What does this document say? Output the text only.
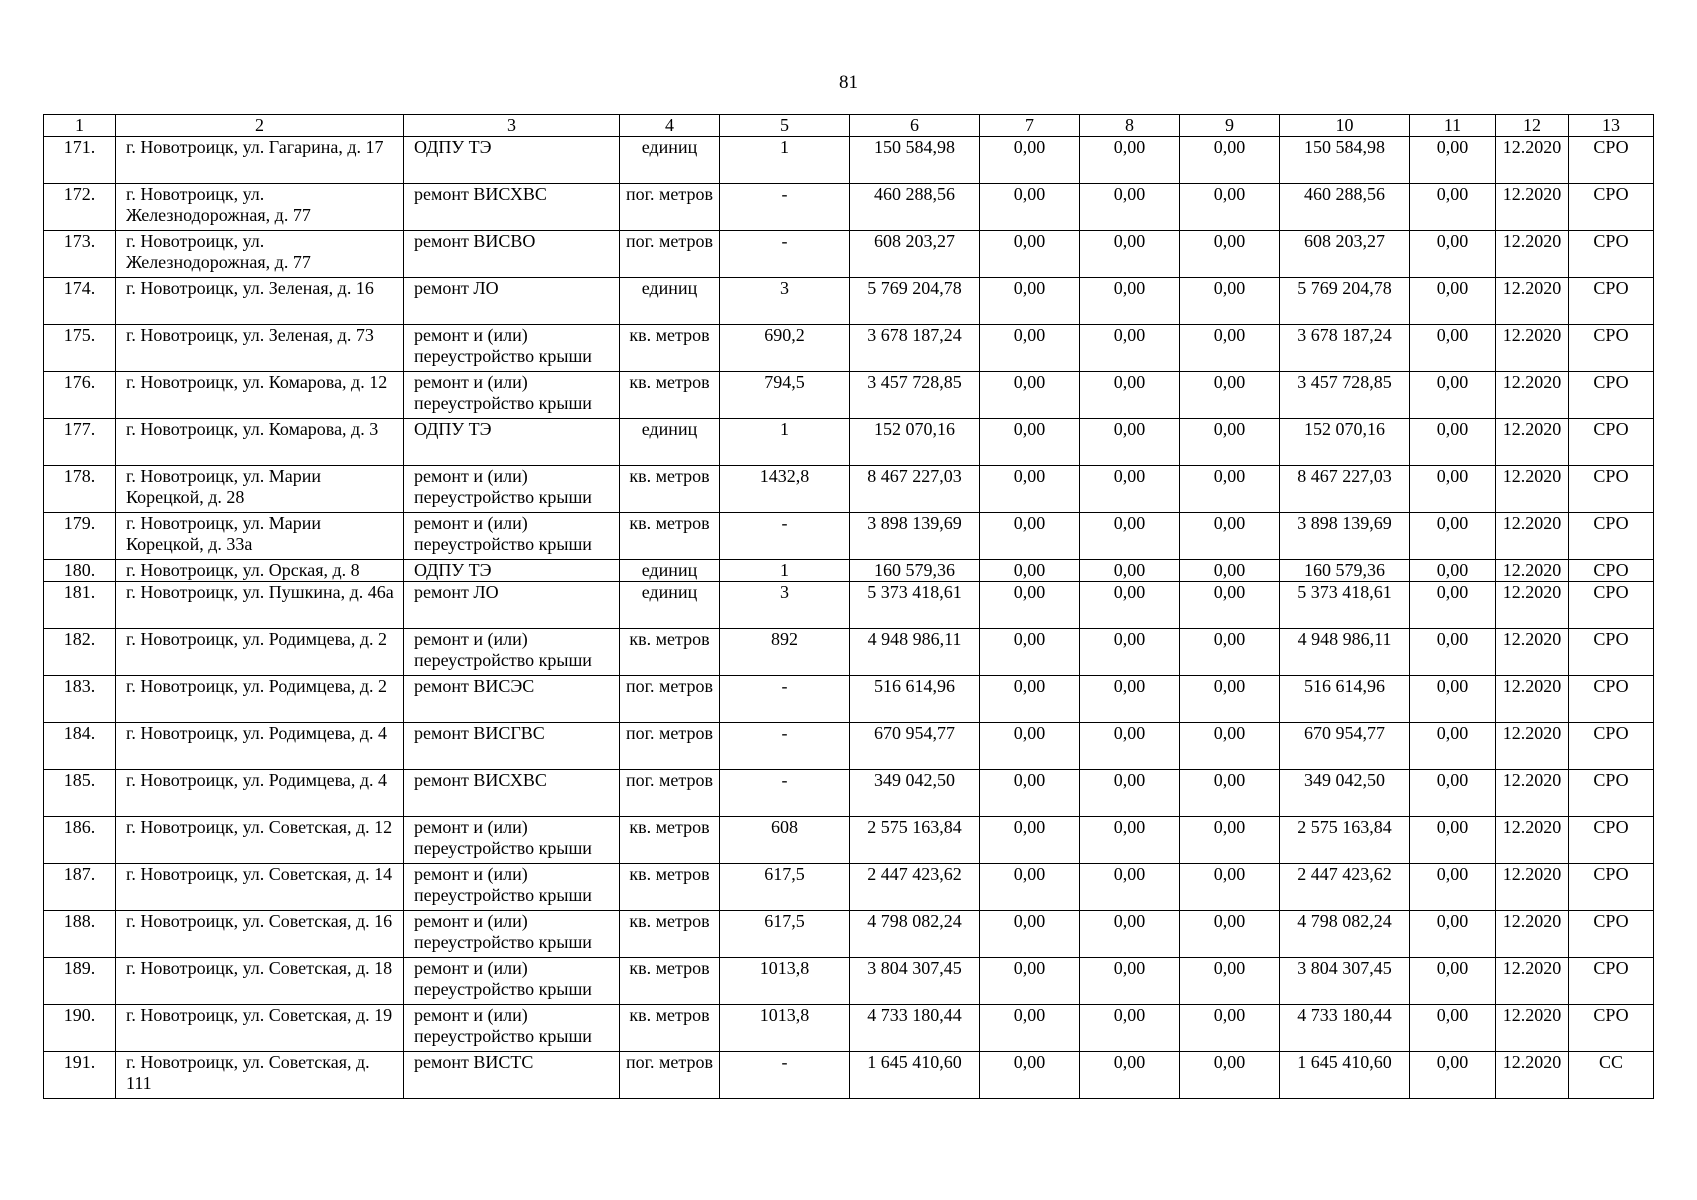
81
1	2	3	4	5	6	7	8	9	10	11	12	13
171.	г. Новотроицк, ул. Гагарина, д. 17	ОДПУ ТЭ	единиц	1	150 584,98	0,00	0,00	0,00	150 584,98	0,00	12.2020	СРО
172.	г. Новотроицк, ул. Железнодорожная, д. 77	ремонт ВИСХВС	пог. метров	-	460 288,56	0,00	0,00	0,00	460 288,56	0,00	12.2020	СРО
173.	г. Новотроицк, ул. Железнодорожная, д. 77	ремонт ВИСВО	пог. метров	-	608 203,27	0,00	0,00	0,00	608 203,27	0,00	12.2020	СРО
174.	г. Новотроицк, ул. Зеленая, д. 16	ремонт ЛО	единиц	3	5 769 204,78	0,00	0,00	0,00	5 769 204,78	0,00	12.2020	СРО
175.	г. Новотроицк, ул. Зеленая, д. 73	ремонт и (или) переустройство крыши	кв. метров	690,2	3 678 187,24	0,00	0,00	0,00	3 678 187,24	0,00	12.2020	СРО
176.	г. Новотроицк, ул. Комарова, д. 12	ремонт и (или) переустройство крыши	кв. метров	794,5	3 457 728,85	0,00	0,00	0,00	3 457 728,85	0,00	12.2020	СРО
177.	г. Новотроицк, ул. Комарова, д. 3	ОДПУ ТЭ	единиц	1	152 070,16	0,00	0,00	0,00	152 070,16	0,00	12.2020	СРО
178.	г. Новотроицк, ул. Марии Корецкой, д. 28	ремонт и (или) переустройство крыши	кв. метров	1432,8	8 467 227,03	0,00	0,00	0,00	8 467 227,03	0,00	12.2020	СРО
179.	г. Новотроицк, ул. Марии Корецкой, д. 33а	ремонт и (или) переустройство крыши	кв. метров	-	3 898 139,69	0,00	0,00	0,00	3 898 139,69	0,00	12.2020	СРО
180.	г. Новотроицк, ул. Орская, д. 8	ОДПУ ТЭ	единиц	1	160 579,36	0,00	0,00	0,00	160 579,36	0,00	12.2020	СРО
181.	г. Новотроицк, ул. Пушкина, д. 46а	ремонт ЛО	единиц	3	5 373 418,61	0,00	0,00	0,00	5 373 418,61	0,00	12.2020	СРО
182.	г. Новотроицк, ул. Родимцева, д. 2	ремонт и (или) переустройство крыши	кв. метров	892	4 948 986,11	0,00	0,00	0,00	4 948 986,11	0,00	12.2020	СРО
183.	г. Новотроицк, ул. Родимцева, д. 2	ремонт ВИСЭС	пог. метров	-	516 614,96	0,00	0,00	0,00	516 614,96	0,00	12.2020	СРО
184.	г. Новотроицк, ул. Родимцева, д. 4	ремонт ВИСГВС	пог. метров	-	670 954,77	0,00	0,00	0,00	670 954,77	0,00	12.2020	СРО
185.	г. Новотроицк, ул. Родимцева, д. 4	ремонт ВИСХВС	пог. метров	-	349 042,50	0,00	0,00	0,00	349 042,50	0,00	12.2020	СРО
186.	г. Новотроицк, ул. Советская, д. 12	ремонт и (или) переустройство крыши	кв. метров	608	2 575 163,84	0,00	0,00	0,00	2 575 163,84	0,00	12.2020	СРО
187.	г. Новотроицк, ул. Советская, д. 14	ремонт и (или) переустройство крыши	кв. метров	617,5	2 447 423,62	0,00	0,00	0,00	2 447 423,62	0,00	12.2020	СРО
188.	г. Новотроицк, ул. Советская, д. 16	ремонт и (или) переустройство крыши	кв. метров	617,5	4 798 082,24	0,00	0,00	0,00	4 798 082,24	0,00	12.2020	СРО
189.	г. Новотроицк, ул. Советская, д. 18	ремонт и (или) переустройство крыши	кв. метров	1013,8	3 804 307,45	0,00	0,00	0,00	3 804 307,45	0,00	12.2020	СРО
190.	г. Новотроицк, ул. Советская, д. 19	ремонт и (или) переустройство крыши	кв. метров	1013,8	4 733 180,44	0,00	0,00	0,00	4 733 180,44	0,00	12.2020	СРО
191.	г. Новотроицк, ул. Советская, д. 111	ремонт ВИСТС	пог. метров	-	1 645 410,60	0,00	0,00	0,00	1 645 410,60	0,00	12.2020	СС
